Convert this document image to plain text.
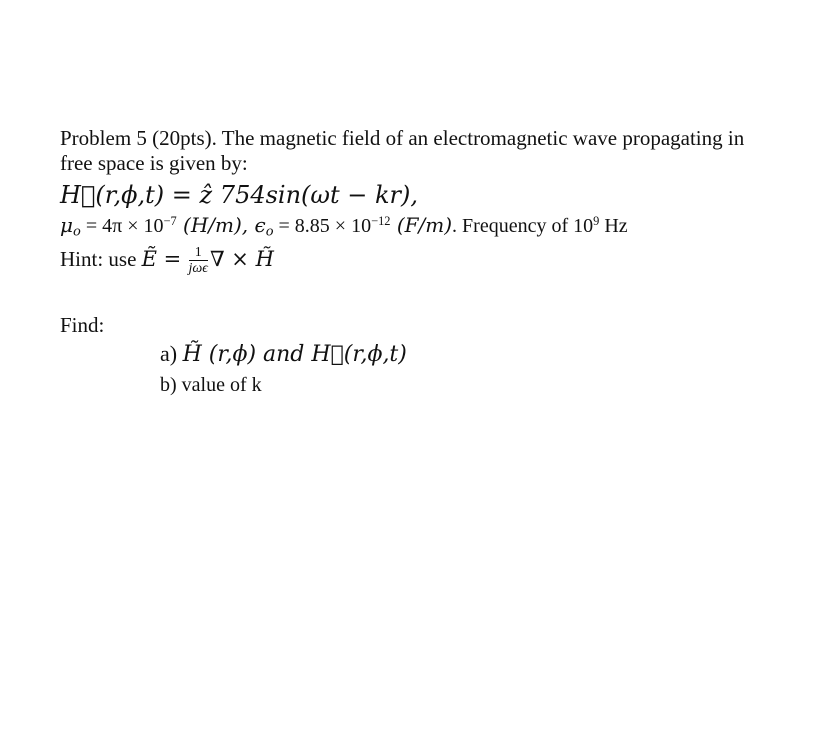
Problem 5 (20pts). The magnetic field of an electromagnetic wave propagating in
free space is given by:
H⃗(r,ϕ,t) = ẑ 754sin(ωt − kr),
$\mu_o = 4\pi \times 10^{-7}$ (H/m), $\epsilon_o = 8.85 \times 10^{-12}$ (F/m). Frequency of $10^9$ Hz
Hint: use Ẽ = $\frac{1}{\text{jωϵ}}$ ∇ × H̃
Find:
a) H̃ (r,ϕ) and H⃗(r,ϕ,t)
b) value of k
